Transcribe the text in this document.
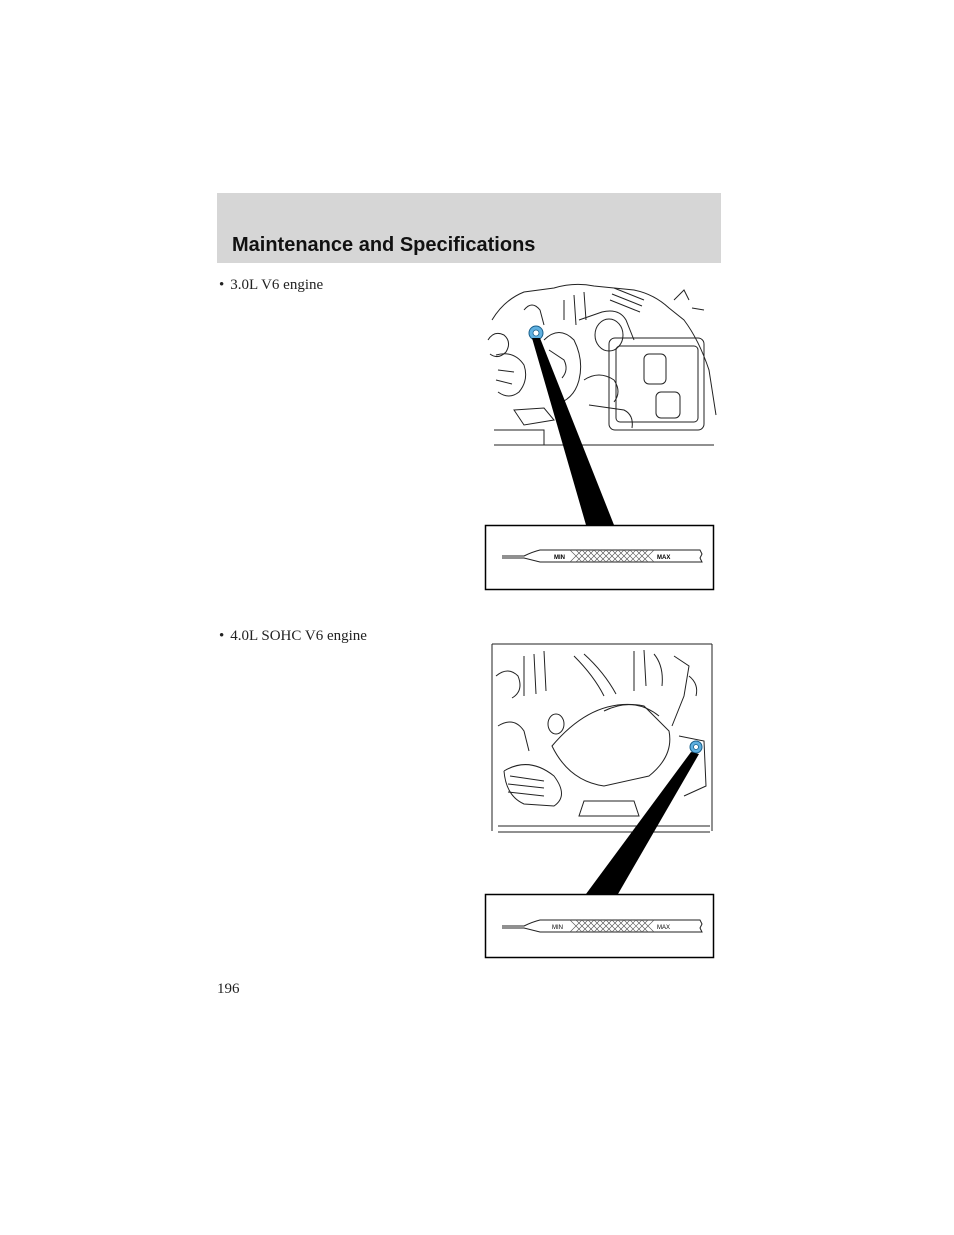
Maintenance and Specifications
• 3.0L V6 engine
MIN	MAX
• 4.0L SOHC V6 engine
MIN	MAX
196
